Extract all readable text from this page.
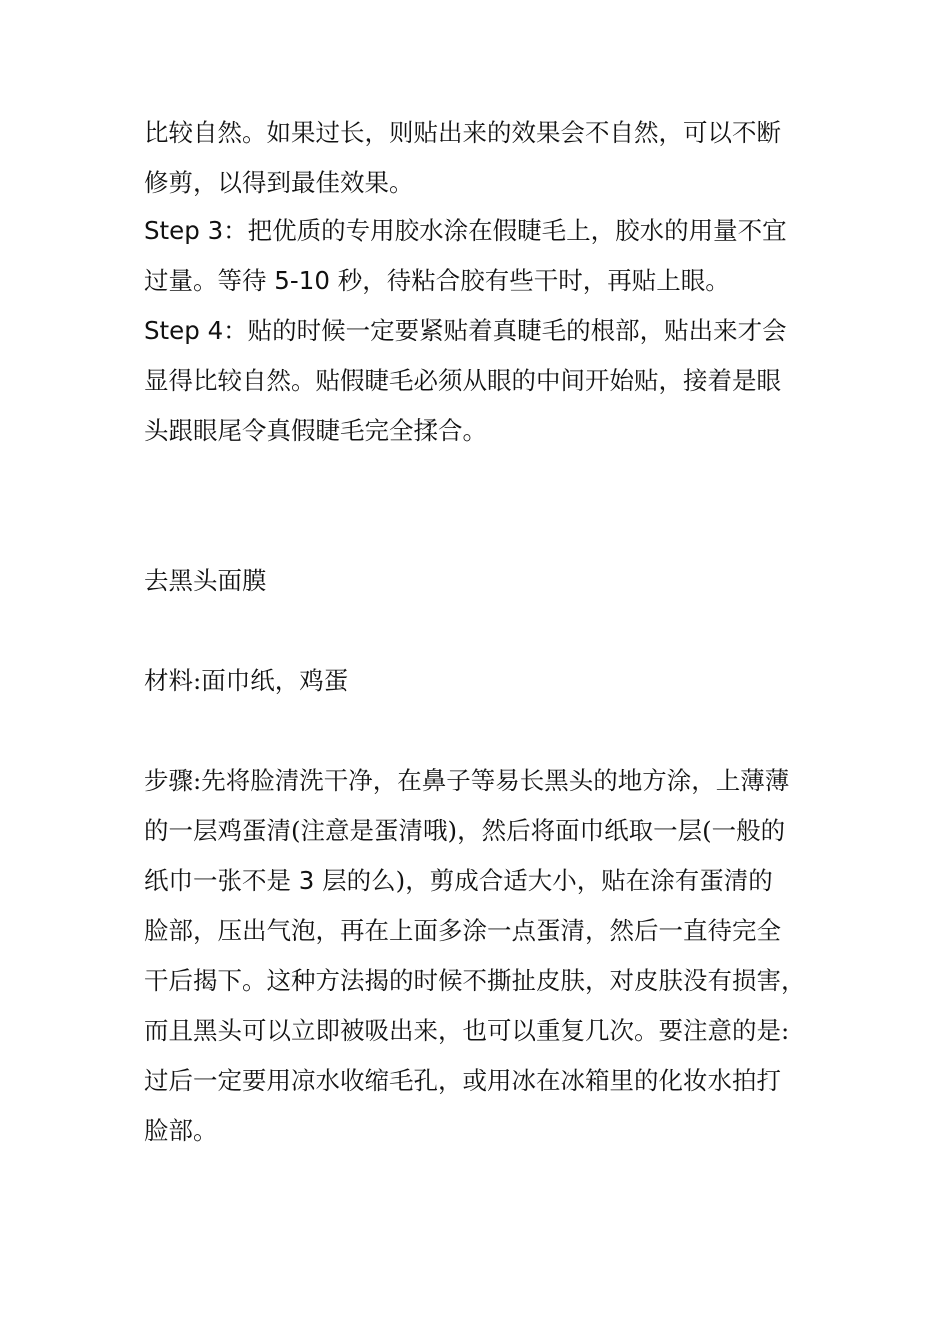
比较自然。如果过长，则贴出来的效果会不自然，可以不断
修剪，以得到最佳效果。
Step 3：把优质的专用胶水涂在假睫毛上，胶水的用量不宜
过量。等待 5-10 秒，待粘合胶有些干时，再贴上眼。
Step 4：贴的时候一定要紧贴着真睫毛的根部，贴出来才会
显得比较自然。贴假睫毛必须从眼的中间开始贴，接着是眼
头跟眼尾令真假睫毛完全揉合。
去黑头面膜
材料:面巾纸，鸡蛋
步骤:先将脸清洗干净，在鼻子等易长黑头的地方涂，上薄薄
的一层鸡蛋清(注意是蛋清哦)，然后将面巾纸取一层(一般的
纸巾一张不是 3 层的么)，剪成合适大小，贴在涂有蛋清的
脸部，压出气泡，再在上面多涂一点蛋清，然后一直待完全
干后揭下。这种方法揭的时候不撕扯皮肤，对皮肤没有损害，
而且黑头可以立即被吸出来，也可以重复几次。要注意的是:
过后一定要用凉水收缩毛孔，或用冰在冰箱里的化妆水拍打
脸部。
